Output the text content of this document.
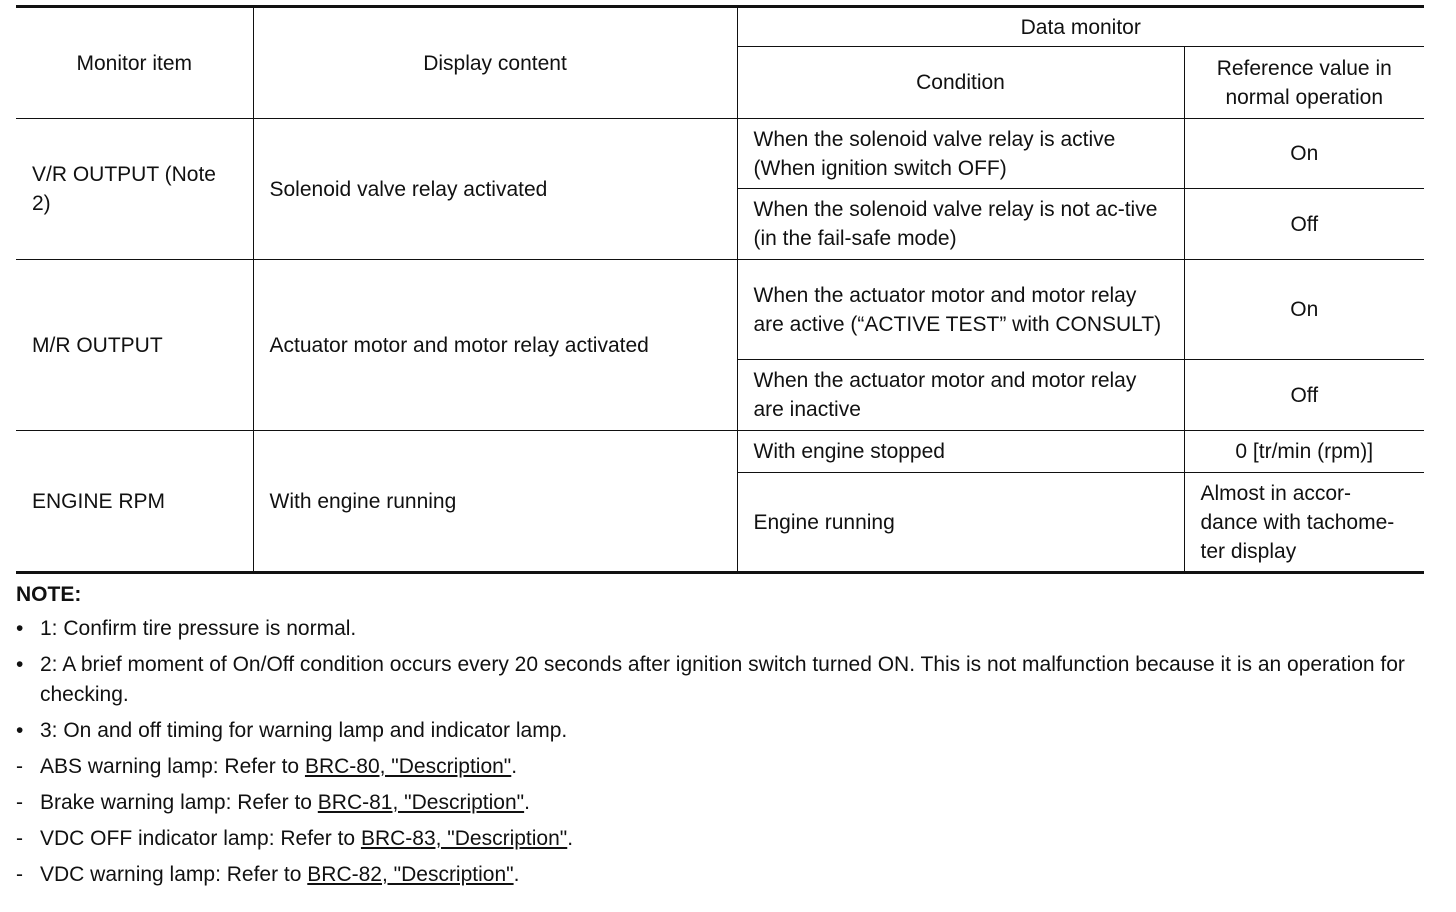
Monitor item	Display content	Data monitor	
		Condition	Reference value in normal operation
V/R OUTPUT (Note 2)	Solenoid valve relay activated	When the solenoid valve relay is active (When ignition switch OFF)	On
		When the solenoid valve relay is not ac-tive (in the fail-safe mode)	Off
M/R OUTPUT	Actuator motor and motor relay activated	When the actuator motor and motor relay are active (“ACTIVE TEST” with CONSULT)	On
		When the actuator motor and motor relay are inactive	Off
ENGINE RPM	With engine running	With engine stopped	0 [tr/min (rpm)]
		Engine running	Almost in accor-dance with tachome-ter display
NOTE:
• 1: Confirm tire pressure is normal.
• 2: A brief moment of On/Off condition occurs every 20 seconds after ignition switch turned ON. This is not malfunction because it is an operation for checking.
• 3: On and off timing for warning lamp and indicator lamp.
- ABS warning lamp: Refer to BRC-80, "Description".
- Brake warning lamp: Refer to BRC-81, "Description".
- VDC OFF indicator lamp: Refer to BRC-83, "Description".
- VDC warning lamp: Refer to BRC-82, "Description".
